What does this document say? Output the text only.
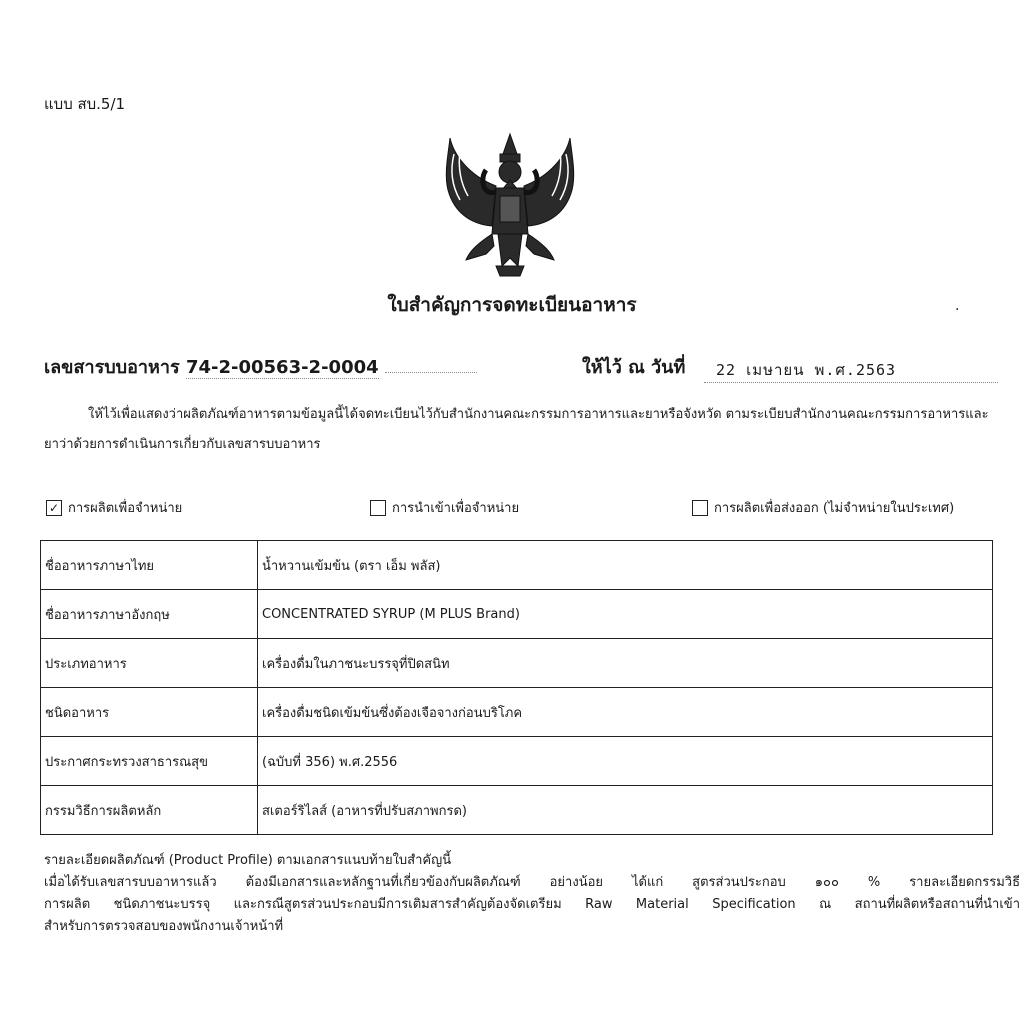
แบบ สบ.5/1
ใบสำคัญการจดทะเบียนอาหาร	.
เลขสารบบอาหาร 74-2-00563-2-0004	ให้ไว้ ณ วันที่	22 เมษายน พ.ศ.2563
ให้ไว้เพื่อแสดงว่าผลิตภัณฑ์อาหารตามข้อมูลนี้ได้จดทะเบียนไว้กับสำนักงานคณะกรรมการอาหารและยาหรือจังหวัด ตามระเบียบสำนักงานคณะกรรมการอาหารและยาว่าด้วยการดำเนินการเกี่ยวกับเลขสารบบอาหาร
✓ การผลิตเพื่อจำหน่าย	การนำเข้าเพื่อจำหน่าย	การผลิตเพื่อส่งออก (ไม่จำหน่ายในประเทศ)
ชื่ออาหารภาษาไทย	น้ำหวานเข้มข้น (ตรา เอ็ม พลัส)
ชื่ออาหารภาษาอังกฤษ	CONCENTRATED SYRUP (M PLUS Brand)
ประเภทอาหาร	เครื่องดื่มในภาชนะบรรจุที่ปิดสนิท
ชนิดอาหาร	เครื่องดื่มชนิดเข้มข้นซึ่งต้องเจือจางก่อนบริโภค
ประกาศกระทรวงสาธารณสุข	(ฉบับที่ 356) พ.ศ.2556
กรรมวิธีการผลิตหลัก	สเตอร์ริไลส์ (อาหารที่ปรับสภาพกรด)

รายละเอียดผลิตภัณฑ์ (Product Profile) ตามเอกสารแนบท้ายใบสำคัญนี้

เมื่อได้รับเลขสารบบอาหารแล้ว ต้องมีเอกสารและหลักฐานที่เกี่ยวข้องกับผลิตภัณฑ์ อย่างน้อย ได้แก่ สูตรส่วนประกอบ ๑๐๐ % รายละเอียดกรรมวิธี

การผลิต ชนิดภาชนะบรรจุ และกรณีสูตรส่วนประกอบมีการเติมสารสำคัญต้องจัดเตรียม Raw Material Specification ณ สถานที่ผลิตหรือสถานที่นำเข้า

สำหรับการตรวจสอบของพนักงานเจ้าหน้าที่
